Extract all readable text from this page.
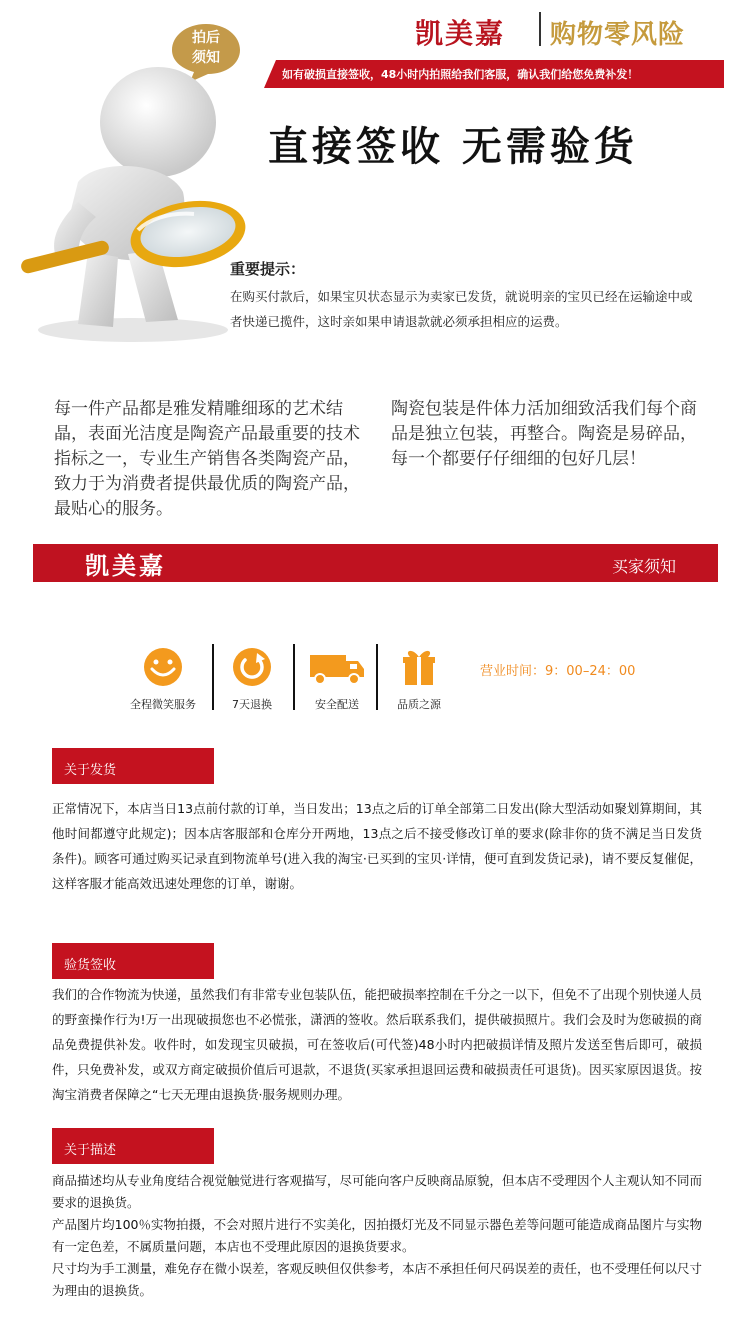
拍后
须知
凯美嘉 购物零风险
如有破损直接签收，48小时内拍照给我们客服，确认我们给您免费补发！
直接签收 无需验货
重要提示：
在购买付款后，如果宝贝状态显示为卖家已发货，就说明亲的宝贝已经在运输途中或者快递已揽件，这时亲如果申请退款就必须承担相应的运费。
每一件产品都是雅发精雕细琢的艺术结晶，表面光洁度是陶瓷产品最重要的技术指标之一，专业生产销售各类陶瓷产品，致力于为消费者提供最优质的陶瓷产品，最贴心的服务。
陶瓷包装是件体力活加细致活我们每个商品是独立包装，再整合。陶瓷是易碎品，每一个都要仔仔细细的包好几层！
凯美嘉	买家须知
全程微笑服务	7天退换	安全配送	品质之源
营业时间：9：00–24：00
关于发货

正常情况下，本店当日13点前付款的订单，当日发出；13点之后的订单全部第二日发出(除大型活动如聚划算期间，其他时间都遵守此规定)；因本店客服部和仓库分开两地，13点之后不接受修改订单的要求(除非你的货不满足当日发货条件)。顾客可通过购买记录直到物流单号(进入我的淘宝·已买到的宝贝·详情，便可直到发货记录)，请不要反复催促，这样客服才能高效迅速处理您的订单，谢谢。

验货签收

我们的合作物流为快递，虽然我们有非常专业包装队伍，能把破损率控制在千分之一以下，但免不了出现个别快递人员的野蛮操作行为!万一出现破损您也不必慌张，潇洒的签收。然后联系我们，提供破损照片。我们会及时为您破损的商品免费提供补发。收件时，如发现宝贝破损，可在签收后(可代签)48小时内把破损详情及照片发送至售后即可，破损件，只免费补发，或双方商定破损价值后可退款，不退货(买家承担退回运费和破损责任可退货)。因买家原因退货。按淘宝消费者保障之“七天无理由退换货·服务规则办理。

关于描述

商品描述均从专业角度结合视觉触觉进行客观描写，尽可能向客户反映商品原貌，但本店不受理因个人主观认知不同而要求的退换货。

产品图片均100％实物拍摄，不会对照片进行不实美化，因拍摄灯光及不同显示器色差等问题可能造成商品图片与实物有一定色差，不属质量问题，本店也不受理此原因的退换货要求。

尺寸均为手工测量，难免存在微小误差，客观反映但仅供参考，本店不承担任何尺码误差的责任，也不受理任何以尺寸为理由的退换货。
